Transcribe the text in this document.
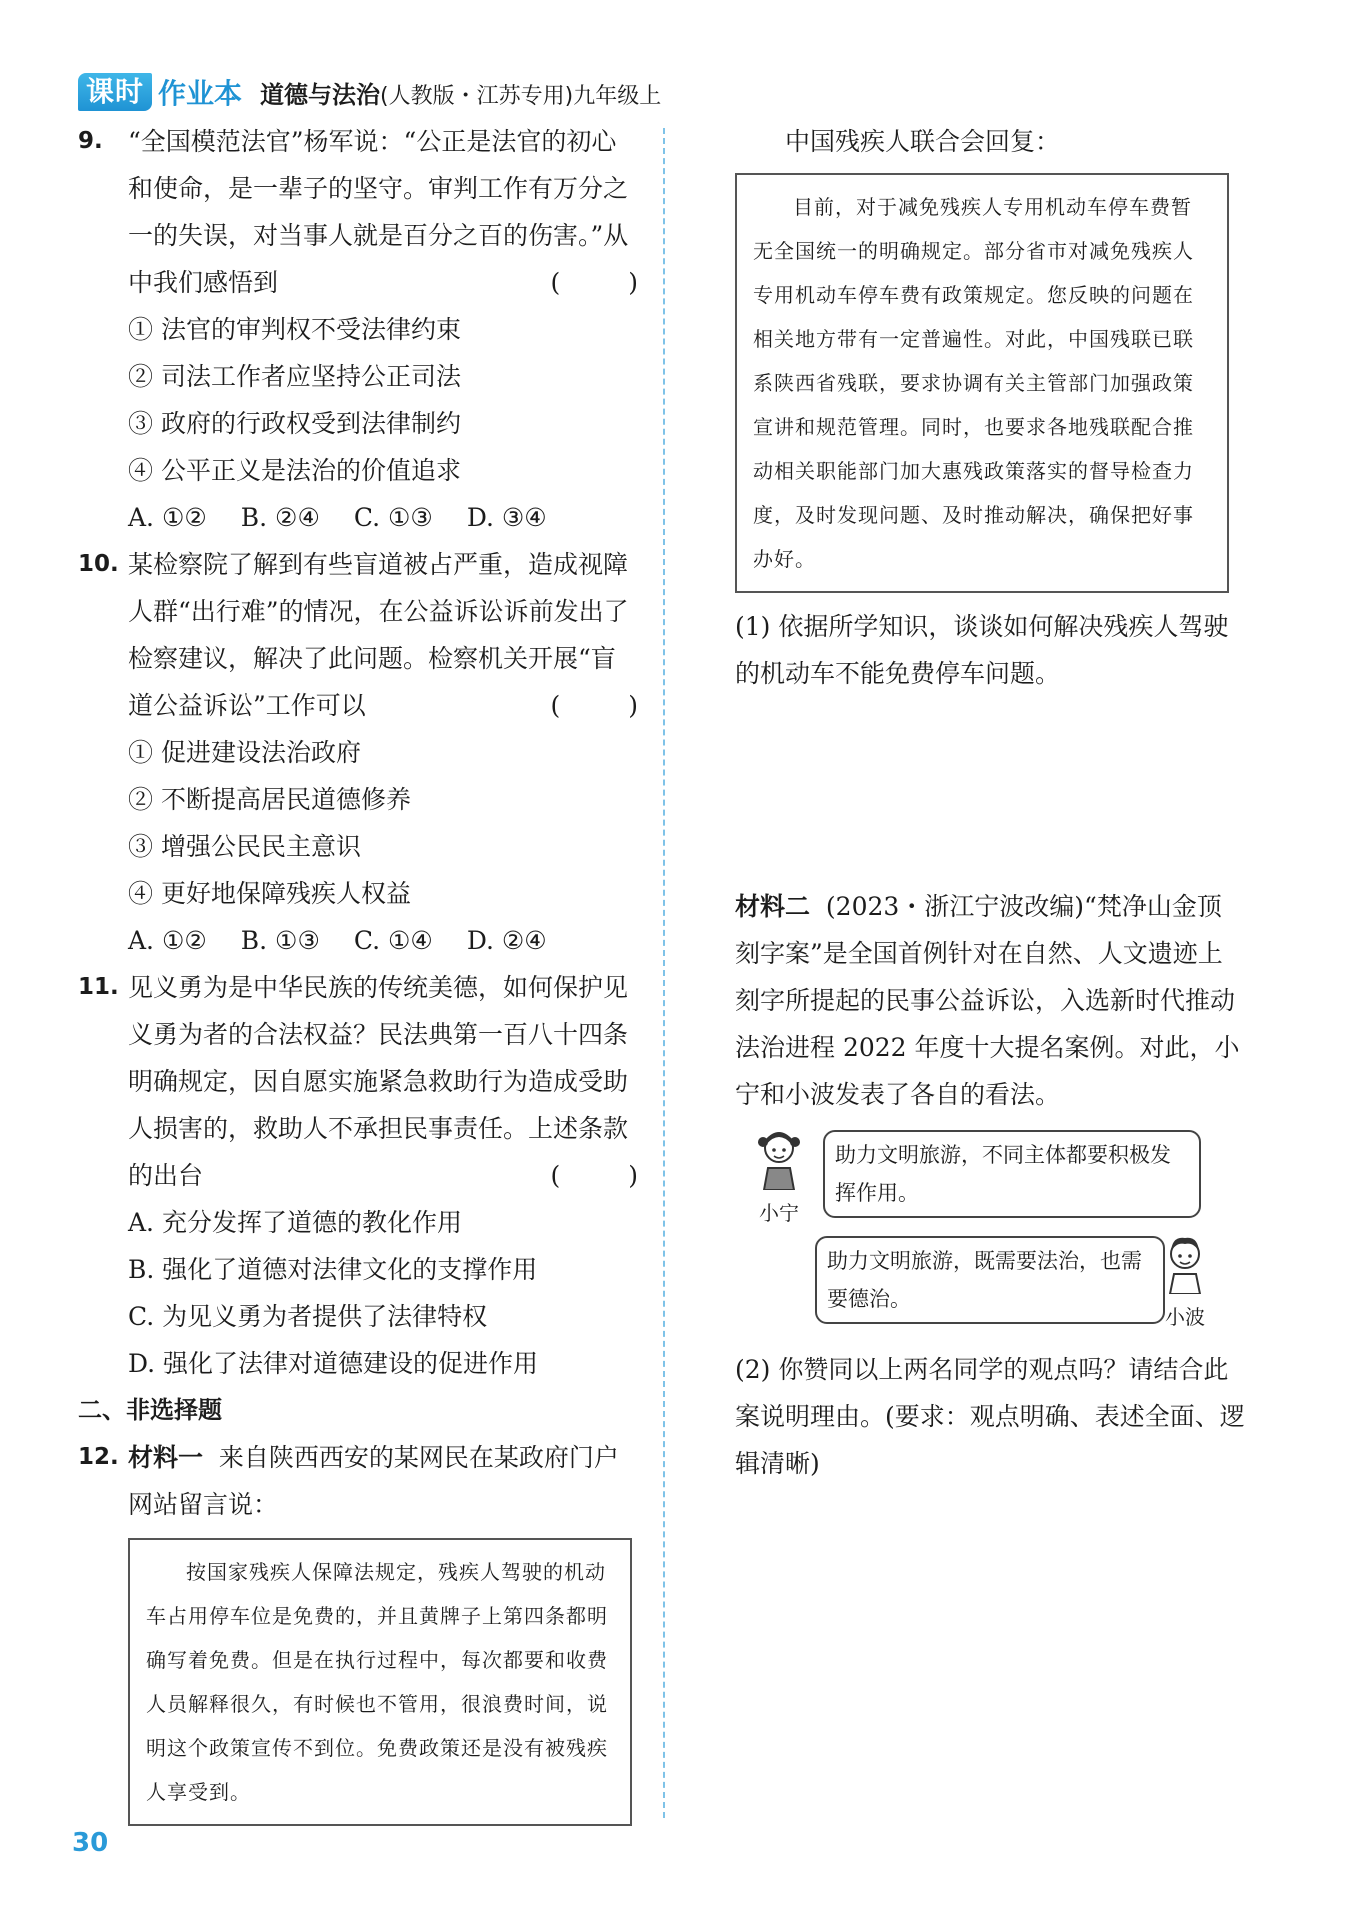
课时 作业本 道德与法治(人教版・江苏专用)九年级上
9. “全国模范法官”杨军说：“公正是法官的初心和使命，是一辈子的坚守。审判工作有万分之一的失误，对当事人就是百分之百的伤害。”从中我们感悟到	( )
① 法官的审判权不受法律约束
② 司法工作者应坚持公正司法
③ 政府的行政权受到法律制约
④ 公平正义是法治的价值追求
A. ①② B. ②④ C. ①③ D. ③④
10. 某检察院了解到有些盲道被占严重，造成视障人群“出行难”的情况，在公益诉讼诉前发出了检察建议，解决了此问题。检察机关开展“盲道公益诉讼”工作可以	( )
① 促进建设法治政府
② 不断提高居民道德修养
③ 增强公民民主意识
④ 更好地保障残疾人权益
A. ①② B. ①③ C. ①④ D. ②④
11. 见义勇为是中华民族的传统美德，如何保护见义勇为者的合法权益？民法典第一百八十四条明确规定，因自愿实施紧急救助行为造成受助人损害的，救助人不承担民事责任。上述条款的出台	( )
A. 充分发挥了道德的教化作用
B. 强化了道德对法律文化的支撑作用
C. 为见义勇为者提供了法律特权
D. 强化了法律对道德建设的促进作用
二、非选择题
12. 材料一 来自陕西西安的某网民在某政府门户网站留言说：
按国家残疾人保障法规定，残疾人驾驶的机动车占用停车位是免费的，并且黄牌子上第四条都明确写着免费。但是在执行过程中，每次都要和收费人员解释很久，有时候也不管用，很浪费时间，说明这个政策宣传不到位。免费政策还是没有被残疾人享受到。
中国残疾人联合会回复：
目前，对于减免残疾人专用机动车停车费暂无全国统一的明确规定。部分省市对减免残疾人专用机动车停车费有政策规定。您反映的问题在相关地方带有一定普遍性。对此，中国残联已联系陕西省残联，要求协调有关主管部门加强政策宣讲和规范管理。同时，也要求各地残联配合推动相关职能部门加大惠残政策落实的督导检查力度，及时发现问题、及时推动解决，确保把好事办好。
(1) 依据所学知识，谈谈如何解决残疾人驾驶的机动车不能免费停车问题。
材料二 (2023・浙江宁波改编)“梵净山金顶刻字案”是全国首例针对在自然、人文遗迹上刻字所提起的民事公益诉讼，入选新时代推动法治进程 2022 年度十大提名案例。对此，小宁和小波发表了各自的看法。
小宁
助力文明旅游，不同主体都要积极发挥作用。
助力文明旅游，既需要法治，也需要德治。
小波
(2) 你赞同以上两名同学的观点吗？请结合此案说明理由。(要求：观点明确、表述全面、逻辑清晰)
30
